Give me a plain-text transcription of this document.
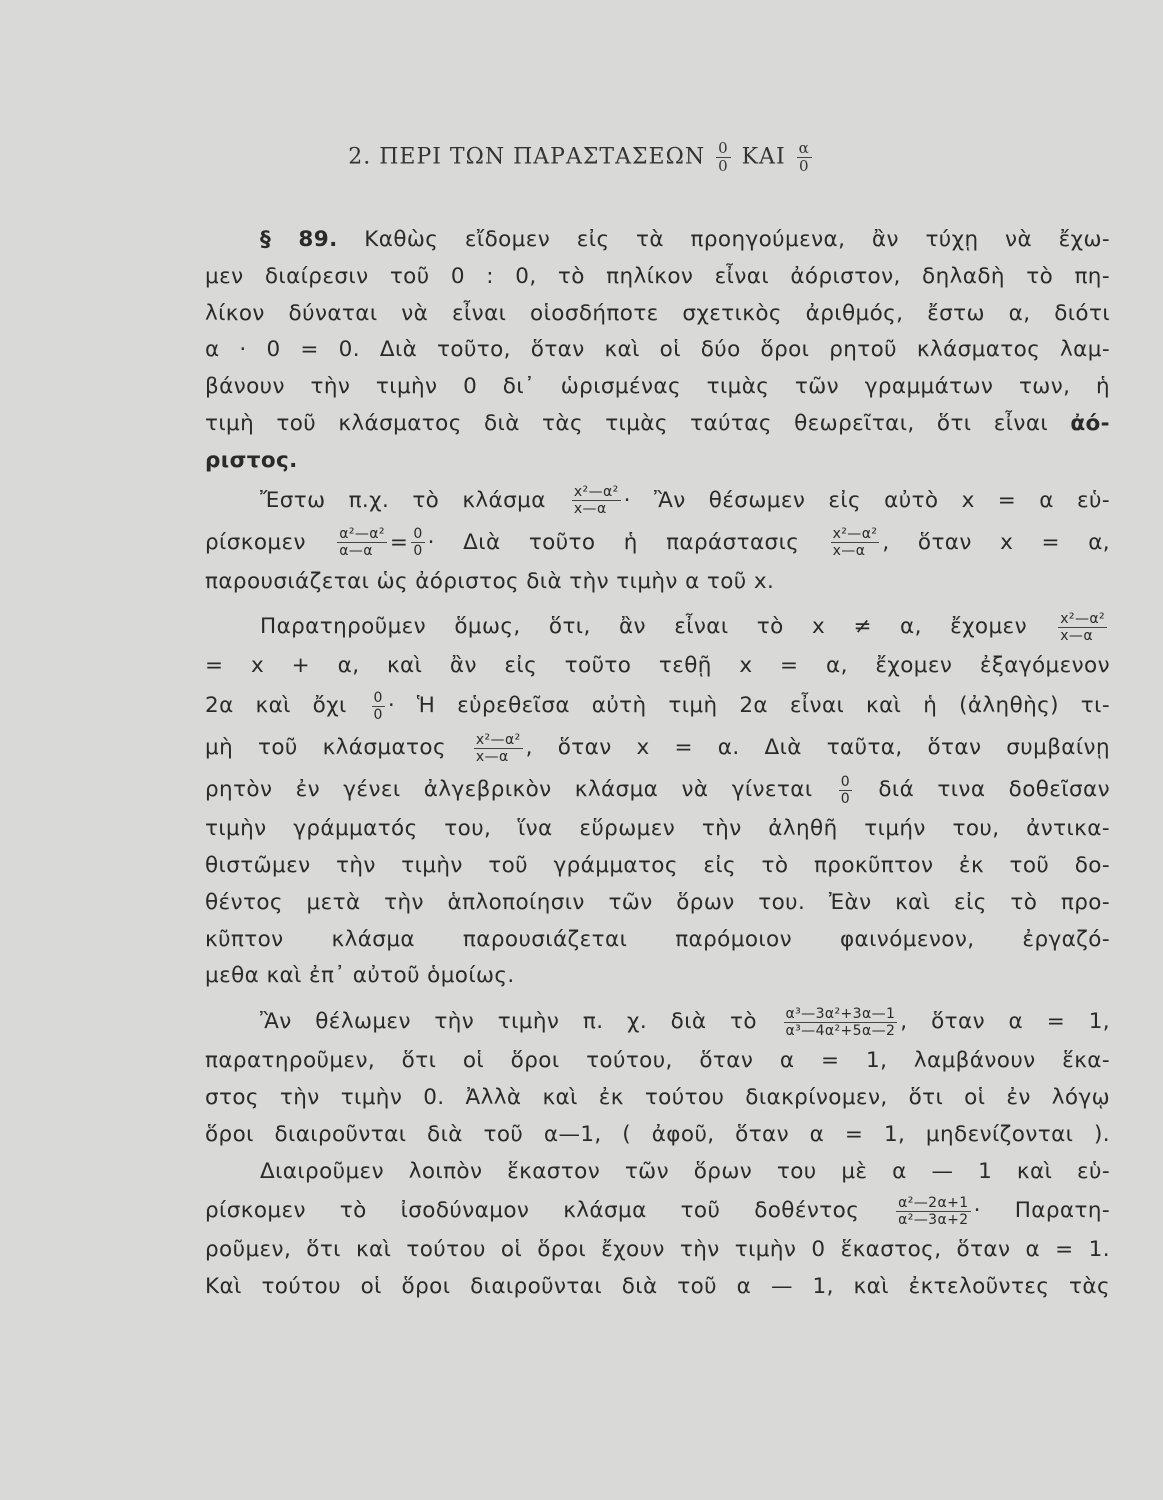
2. ΠΕΡΙ ΤΩΝ ΠΑΡΑΣΤΑΣΕΩΝ $\frac{0}{0}$ ΚΑΙ $\frac{\alpha}{0}$
§ 89. Καθὼς εἴδομεν εἰς τὰ προηγούμενα, ἂν τύχῃ νὰ ἔχω-
μεν διαίρεσιν τοῦ 0 : 0, τὸ πηλίκον εἶναι ἀόριστον, δηλαδὴ τὸ πη-
λίκον δύναται νὰ εἶναι οἱοσδήποτε σχετικὸς ἀριθμός, ἔστω α, διότι
α · 0 = 0. Διὰ τοῦτο, ὅταν καὶ οἱ δύο ὅροι ρητοῦ κλάσματος λαμ-
βάνουν τὴν τιμὴν 0 δι᾽ ὡρισμένας τιμὰς τῶν γραμμάτων των, ἡ
τιμὴ τοῦ κλάσματος διὰ τὰς τιμὰς ταύτας θεωρεῖται, ὅτι εἶναι ἀό-
ριστος.
Ἔστω π.χ. τὸ κλάσμα $\frac{\text{x²—α²}}{x—\alpha}$ · Ἂν θέσωμεν εἰς αὐτὸ x = α εὑ-
ρίσκομεν $\frac{\text{α²—α²}}{\alpha—\alpha} = \frac{0}{0}$ · Διὰ τοῦτο ἡ παράστασις $\frac{\text{x²—α²}}{x—\alpha}$ , ὅταν x = α,
παρουσιάζεται ὡς ἀόριστος διὰ τὴν τιμὴν α τοῦ x.
Παρατηροῦμεν ὅμως, ὅτι, ἂν εἶναι τὸ x ≠ α, ἔχομεν $\frac{\text{x²—α²}}{x—\alpha}$
= x + α, καὶ ἂν εἰς τοῦτο τεθῇ x = α, ἔχομεν ἐξαγόμενον
2α καὶ ὄχι $\frac{0}{0}$ · Ἡ εὑρεθεῖσα αὐτὴ τιμὴ 2α εἶναι καὶ ἡ (ἀληθὴς) τι-
μὴ τοῦ κλάσματος $\frac{\text{x²—α²}}{x—\alpha}$ , ὅταν x = α. Διὰ ταῦτα, ὅταν συμβαίνῃ
ρητὸν ἐν γένει ἀλγεβρικὸν κλάσμα νὰ γίνεται $\frac{0}{0}$ διά τινα δοθεῖσαν
τιμὴν γράμματός του, ἵνα εὕρωμεν τὴν ἀληθῆ τιμήν του, ἀντικα-
θιστῶμεν τὴν τιμὴν τοῦ γράμματος εἰς τὸ προκῦπτον ἐκ τοῦ δο-
θέντος μετὰ τὴν ἁπλοποίησιν τῶν ὅρων του. Ἐὰν καὶ εἰς τὸ προ-
κῦπτον κλάσμα παρουσιάζεται παρόμοιον φαινόμενον, ἐργαζό-
μεθα καὶ ἐπ᾽ αὐτοῦ ὁμοίως.
Ἂν θέλωμεν τὴν τιμὴν π. χ. διὰ τὸ $\frac{\text{α³—3α²+3α—1}}{\text{α³—4α²+5α—2}}$ , ὅταν α = 1,
παρατηροῦμεν, ὅτι οἱ ὅροι τούτου, ὅταν α = 1, λαμβάνουν ἕκα-
στος τὴν τιμὴν 0. Ἀλλὰ καὶ ἐκ τούτου διακρίνομεν, ὅτι οἱ ἐν λόγῳ
ὅροι διαιροῦνται διὰ τοῦ α—1, ( ἀφοῦ, ὅταν α = 1, μηδενίζονται ).
Διαιροῦμεν λοιπὸν ἕκαστον τῶν ὅρων του μὲ α — 1 καὶ εὑ-
ρίσκομεν τὸ ἰσοδύναμον κλάσμα τοῦ δοθέντος	$\frac{\text{α²—2α+1}}{\text{α²—3α+2}} \cdot \Pi\alpha\rho\alpha\tau\eta-$
ροῦμεν, ὅτι καὶ τούτου οἱ ὅροι ἔχουν τὴν τιμὴν 0 ἕκαστος, ὅταν α = 1.
Καὶ τούτου οἱ ὅροι διαιροῦνται διὰ τοῦ α — 1, καὶ ἐκτελοῦντες τὰς
